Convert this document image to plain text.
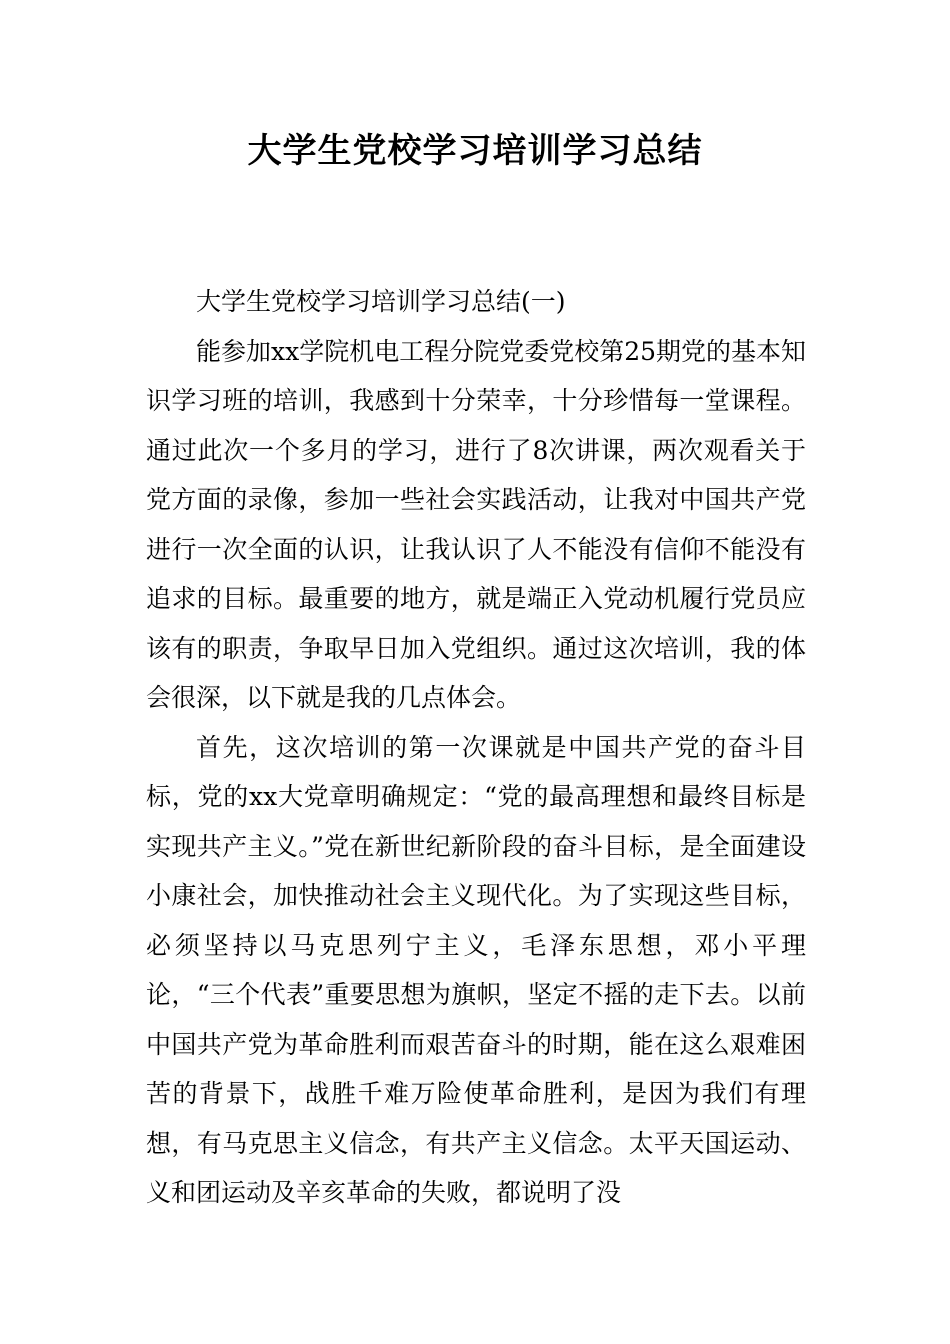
大学生党校学习培训学习总结

大学生党校学习培训学习总结(一)

能参加xx学院机电工程分院党委党校第25期党的基本知识学习班的培训，我感到十分荣幸，十分珍惜每一堂课程。通过此次一个多月的学习，进行了8次讲课，两次观看关于党方面的录像，参加一些社会实践活动，让我对中国共产党进行一次全面的认识，让我认识了人不能没有信仰不能没有追求的目标。最重要的地方，就是端正入党动机履行党员应该有的职责，争取早日加入党组织。通过这次培训，我的体会很深，以下就是我的几点体会。

首先，这次培训的第一次课就是中国共产党的奋斗目标，党的xx大党章明确规定：“党的最高理想和最终目标是实现共产主义。”党在新世纪新阶段的奋斗目标，是全面建设小康社会，加快推动社会主义现代化。为了实现这些目标，必须坚持以马克思列宁主义，毛泽东思想，邓小平理论，“三个代表”重要思想为旗帜，坚定不摇的走下去。以前中国共产党为革命胜利而艰苦奋斗的时期，能在这么艰难困苦的背景下，战胜千难万险使革命胜利，是因为我们有理想，有马克思主义信念，有共产主义信念。太平天国运动、义和团运动及辛亥革命的失败，都说明了没
